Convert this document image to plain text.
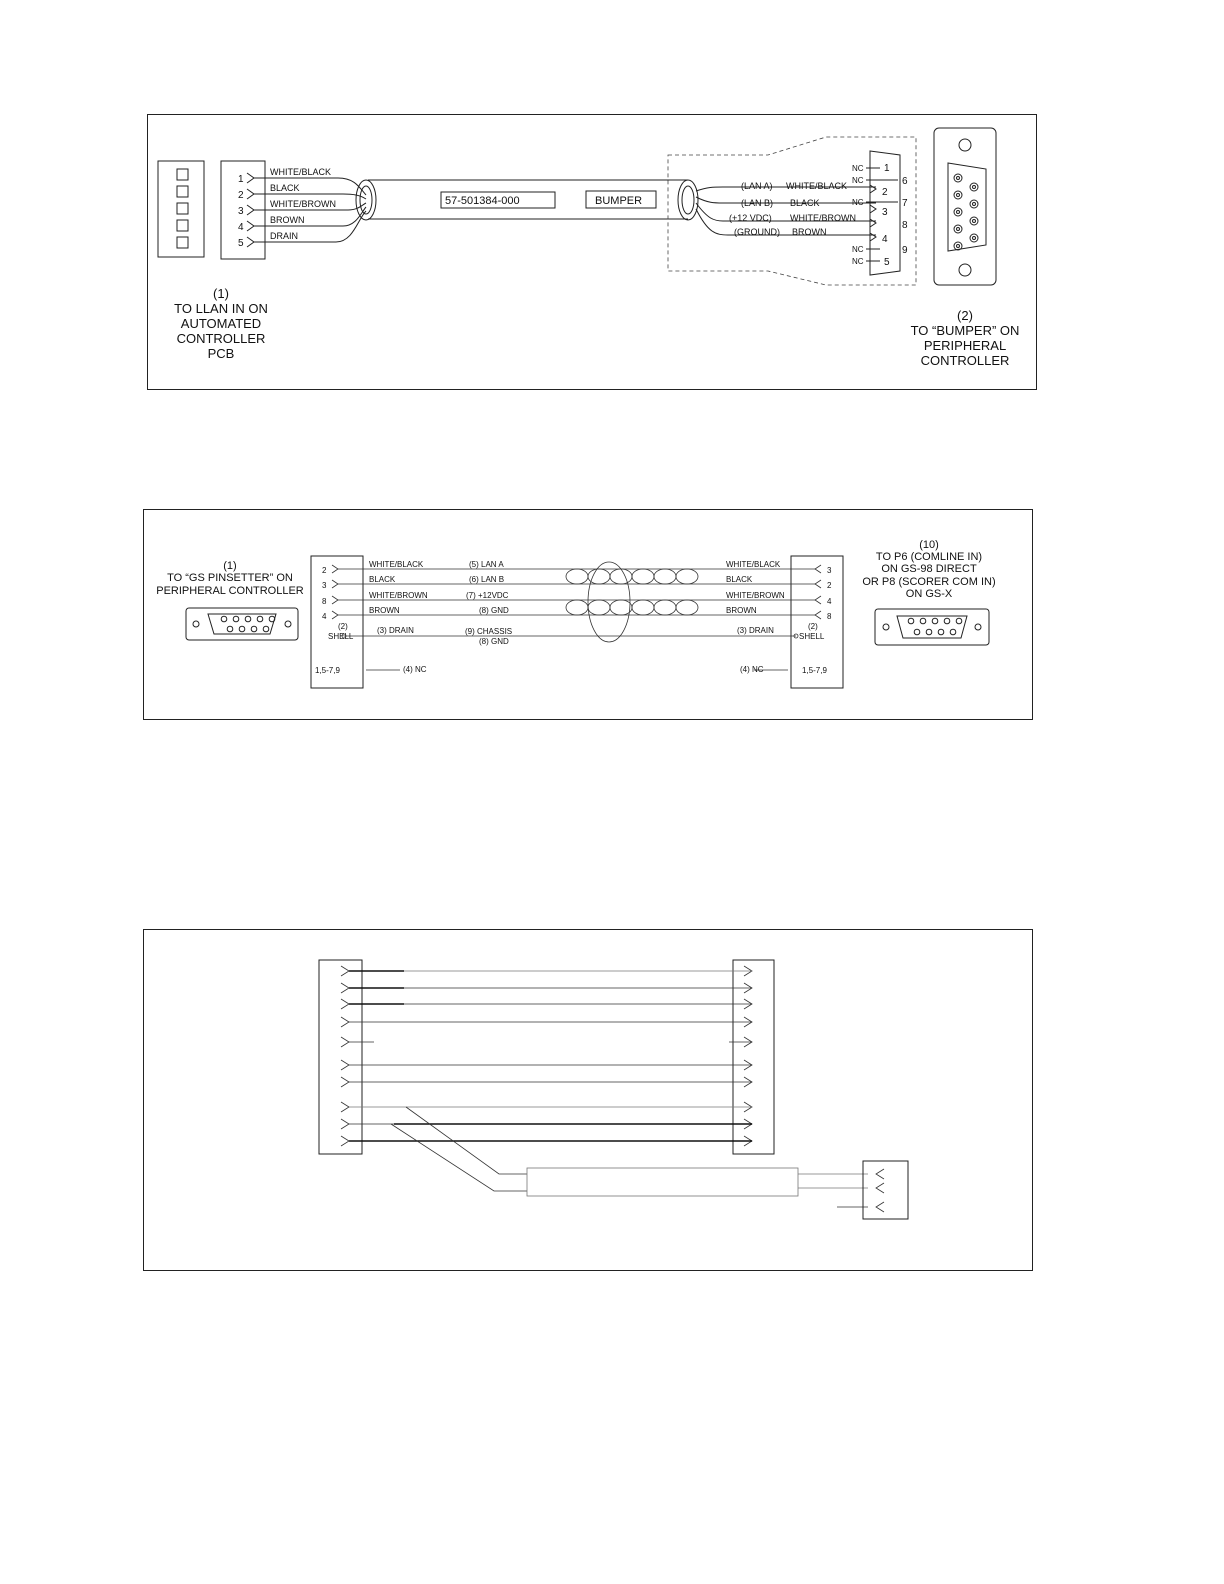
1
2
3
4
5
WHITE/BLACK
BLACK
WHITE/BROWN
BROWN
DRAIN
57-501384-000	BUMPER
(LAN A)
(LAN B)
(+12 VDC)
(GROUND)
WHITE/BLACK
BLACK
WHITE/BROWN
BROWN
NC
NC
NC
NC
NC
1
6
2
7
3
8
4
9
5
(1)
TO LLAN IN ON
AUTOMATED
CONTROLLER
PCB
(2)
TO “BUMPER” ON
PERIPHERAL
CONTROLLER
(1)
TO “GS PINSETTER” ON
PERIPHERAL CONTROLLER
2
3
8
4
(2)
SHELL
1,5-7,9
3
2
4
8
(2)
SHELL
1,5-7,9
WHITE/BLACK
BLACK
WHITE/BROWN
BROWN
(5) LAN A
(6) LAN B
(7) +12VDC
(8) GND
WHITE/BLACK
BLACK
WHITE/BROWN
BROWN
(3) DRAIN	(3) DRAIN
(9) CHASSIS
(8) GND
(4) NC	(4) NC
(10)
TO P6 (COMLINE IN)
ON GS-98 DIRECT
OR P8 (SCORER COM IN)
ON GS-X
